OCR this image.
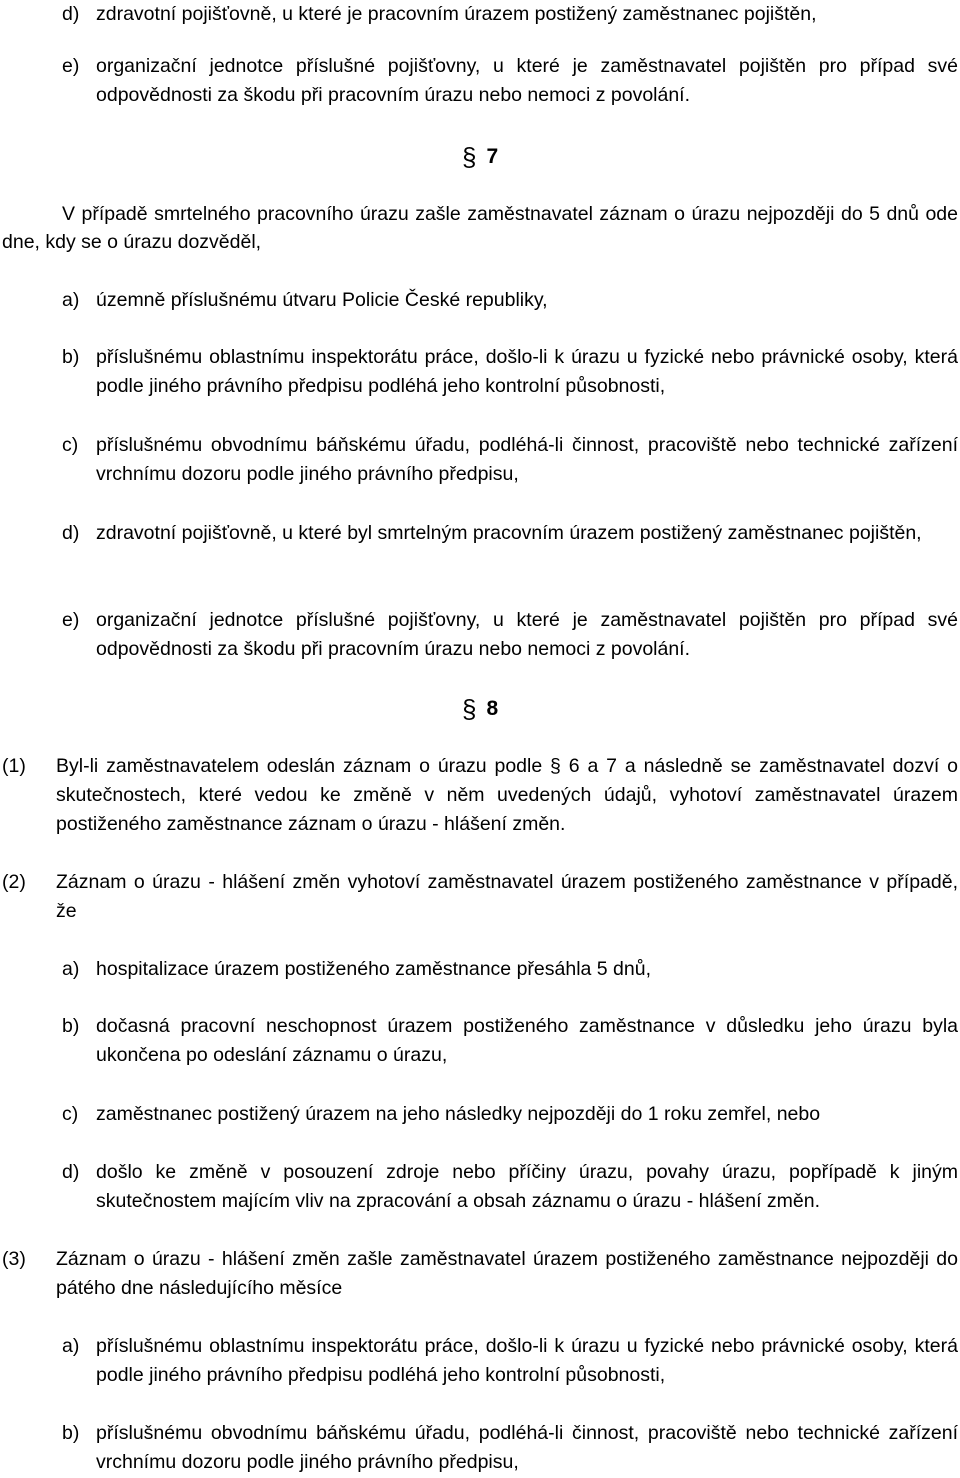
d) zdravotní pojišťovně, u které je pracovním úrazem postižený zaměstnanec pojištěn,
e) organizační jednotce příslušné pojišťovny, u které je zaměstnavatel pojištěn pro případ své odpovědnosti za škodu při pracovním úrazu nebo nemoci z povolání.
§ 7
V případě smrtelného pracovního úrazu zašle zaměstnavatel záznam o úrazu nejpozději do 5 dnů ode dne, kdy se o úrazu dozvěděl,
a) územně příslušnému útvaru Policie České republiky,
b) příslušnému oblastnímu inspektorátu práce, došlo-li k úrazu u fyzické nebo právnické osoby, která podle jiného právního předpisu podléhá jeho kontrolní působnosti,
c) příslušnému obvodnímu báňskému úřadu, podléhá-li činnost, pracoviště nebo technické zařízení vrchnímu dozoru podle jiného právního předpisu,
d) zdravotní pojišťovně, u které byl smrtelným pracovním úrazem postižený zaměstnanec pojištěn,
e) organizační jednotce příslušné pojišťovny, u které je zaměstnavatel pojištěn pro případ své odpovědnosti za škodu při pracovním úrazu nebo nemoci z povolání.
§ 8
(1)	Byl-li zaměstnavatelem odeslán záznam o úrazu podle § 6 a 7 a následně se zaměstnavatel dozví o skutečnostech, které vedou ke změně v něm uvedených údajů, vyhotoví zaměstnavatel úrazem postiženého zaměstnance záznam o úrazu - hlášení změn.
(2)	Záznam o úrazu - hlášení změn vyhotoví zaměstnavatel úrazem postiženého zaměstnance v případě, že
a) hospitalizace úrazem postiženého zaměstnance přesáhla 5 dnů,
b) dočasná pracovní neschopnost úrazem postiženého zaměstnance v důsledku jeho úrazu byla ukončena po odeslání záznamu o úrazu,
c) zaměstnanec postižený úrazem na jeho následky nejpozději do 1 roku zemřel, nebo
d) došlo ke změně v posouzení zdroje nebo příčiny úrazu, povahy úrazu, popřípadě k jiným skutečnostem majícím vliv na zpracování a obsah záznamu o úrazu - hlášení změn.
(3)	Záznam o úrazu - hlášení změn zašle zaměstnavatel úrazem postiženého zaměstnance nejpozději do pátého dne následujícího měsíce
a) příslušnému oblastnímu inspektorátu práce, došlo-li k úrazu u fyzické nebo právnické osoby, která podle jiného právního předpisu podléhá jeho kontrolní působnosti,
b) příslušnému obvodnímu báňskému úřadu, podléhá-li činnost, pracoviště nebo technické zařízení vrchnímu dozoru podle jiného právního předpisu,
